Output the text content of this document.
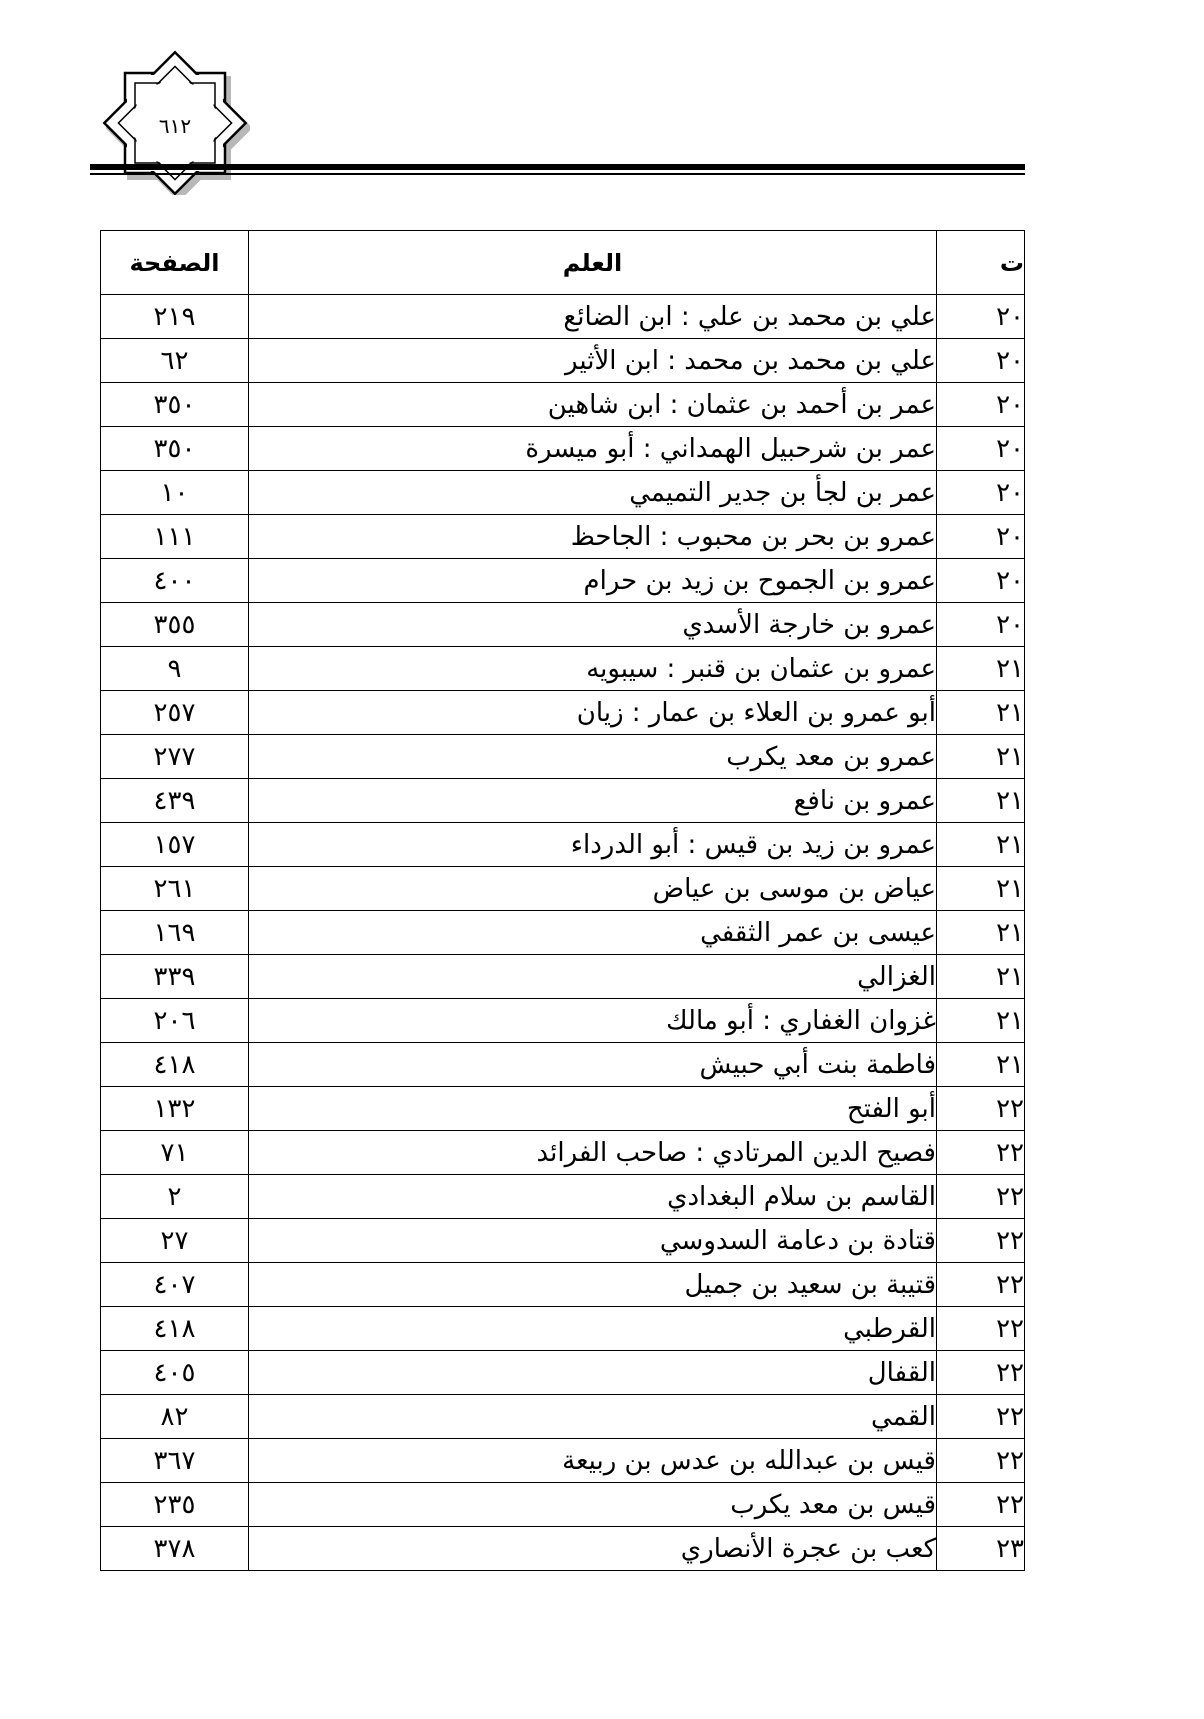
٦١٢
ت	العلم	الصفحة
٢٠	علي بن محمد بن علي : ابن الضائع	٢١٩
٢٠	علي بن محمد بن محمد : ابن الأثير	٦٢
٢٠	عمر بن أحمد بن عثمان : ابن شاهين	٣٥٠
٢٠	عمر بن شرحبيل الهمداني : أبو ميسرة	٣٥٠
٢٠	عمر بن لجأ بن جدير التميمي	١٠
٢٠	عمرو بن بحر بن محبوب : الجاحظ	١١١
٢٠	عمرو بن الجموح بن زيد بن حرام	٤٠٠
٢٠	عمرو بن خارجة الأسدي	٣٥٥
٢١	عمرو بن عثمان بن قنبر : سيبويه	٩
٢١	أبو عمرو بن العلاء بن عمار : زيان	٢٥٧
٢١	عمرو بن معد يكرب	٢٧٧
٢١	عمرو بن نافع	٤٣٩
٢١	عمرو بن زيد بن قيس : أبو الدرداء	١٥٧
٢١	عياض بن موسى بن عياض	٢٦١
٢١	عيسى بن عمر الثقفي	١٦٩
٢١	الغزالي	٣٣٩
٢١	غزوان الغفاري : أبو مالك	٢٠٦
٢١	فاطمة بنت أبي حبيش	٤١٨
٢٢	أبو الفتح	١٣٢
٢٢	فصيح الدين المرتادي : صاحب الفرائد	٧١
٢٢	القاسم بن سلام البغدادي	٢
٢٢	قتادة بن دعامة السدوسي	٢٧
٢٢	قتيبة بن سعيد بن جميل	٤٠٧
٢٢	القرطبي	٤١٨
٢٢	القفال	٤٠٥
٢٢	القمي	٨٢
٢٢	قيس بن عبدالله بن عدس بن ربيعة	٣٦٧
٢٢	قيس بن معد يكرب	٢٣٥
٢٣	كعب بن عجرة الأنصاري	٣٧٨
